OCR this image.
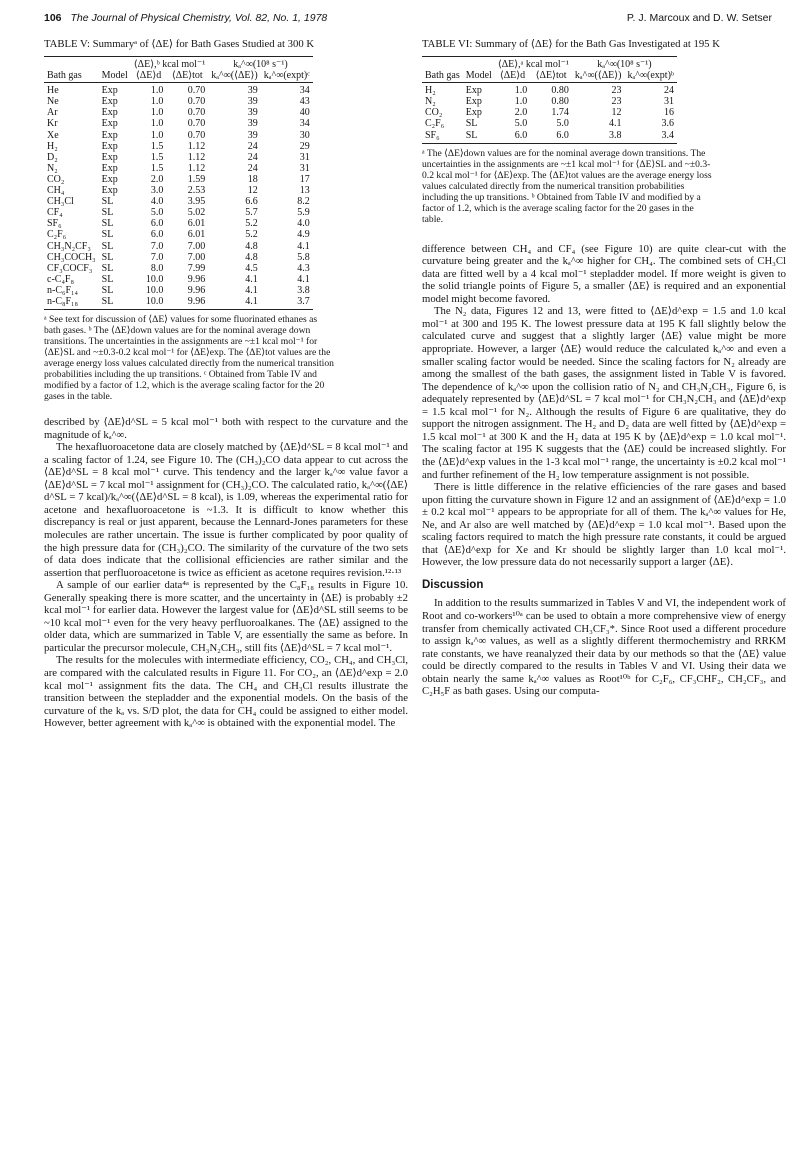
106 The Journal of Physical Chemistry, Vol. 82, No. 1, 1978	P. J. Marcoux and D. W. Setser
TABLE V: Summaryᵃ of ⟨ΔE⟩ for Bath Gases Studied at 300 K
		⟨ΔE⟩,ᵇ kcal mol⁻¹		kₐ^∞(10⁸ s⁻¹)	
Bath gas	Model	⟨ΔE⟩d	⟨ΔE⟩tot	kₐ^∞(⟨ΔE⟩)	kₐ^∞(expt)ᶜ
He	Exp	1.0	0.70	39	34
Ne	Exp	1.0	0.70	39	43
Ar	Exp	1.0	0.70	39	40
Kr	Exp	1.0	0.70	39	34
Xe	Exp	1.0	0.70	39	30
H₂	Exp	1.5	1.12	24	29
D₂	Exp	1.5	1.12	24	31
N₂	Exp	1.5	1.12	24	31
CO₂	Exp	2.0	1.59	18	17
CH₄	Exp	3.0	2.53	12	13
CH₃Cl	SL	4.0	3.95	6.6	8.2
CF₄	SL	5.0	5.02	5.7	5.9
SF₆	SL	6.0	6.01	5.2	4.0
C₂F₆	SL	6.0	6.01	5.2	4.9
CH₃N₂CF₃	SL	7.0	7.00	4.8	4.1
CH₃COCH₃	SL	7.0	7.00	4.8	5.8
CF₃COCF₃	SL	8.0	7.99	4.5	4.3
c-C₄F₈	SL	10.0	9.96	4.1	4.1
n-C₆F₁₄	SL	10.0	9.96	4.1	3.8
n-C₈F₁₈	SL	10.0	9.96	4.1	3.7
ᵃ See text for discussion of ⟨ΔE⟩ values for some fluorinated ethanes as bath gases. ᵇ The ⟨ΔE⟩down values are for the nominal average down transitions. The uncertainties in the assignments are ~±1 kcal mol⁻¹ for ⟨ΔE⟩SL and ~±0.3-0.2 kcal mol⁻¹ for ⟨ΔE⟩exp. The ⟨ΔE⟩tot values are the average energy loss values calculated directly from the numerical transition probabilities including the up transitions. ᶜ Obtained from Table IV and modified by a factor of 1.2, which is the average scaling factor for the 20 gases in the table.

described by ⟨ΔE⟩d^SL = 5 kcal mol⁻¹ both with respect to the curvature and the magnitude of kₐ^∞.

The hexafluoroacetone data are closely matched by ⟨ΔE⟩d^SL = 8 kcal mol⁻¹ and a scaling factor of 1.24, see Figure 10. The (CH₃)₂CO data appear to cut across the ⟨ΔE⟩d^SL = 8 kcal mol⁻¹ curve. This tendency and the larger kₐ^∞ value favor a ⟨ΔE⟩d^SL = 7 kcal mol⁻¹ assignment for (CH₃)₂CO. The calculated ratio, kₐ^∞(⟨ΔE⟩d^SL = 7 kcal)/kₐ^∞(⟨ΔE⟩d^SL = 8 kcal), is 1.09, whereas the experimental ratio for acetone and hexafluoroacetone is ~1.3. It is difficult to know whether this discrepancy is real or just apparent, because the Lennard-Jones parameters for these molecules are rather uncertain. The issue is further complicated by poor quality of the high pressure data for (CH₃)₂CO. The similarity of the curvature of the two sets of data does indicate that the collisional efficiencies are rather similar and the assertion that perfluoroacetone is twice as efficient as acetone requires revision.¹²·¹³

A sample of our earlier data⁴ᵃ is represented by the C₈F₁₈ results in Figure 10. Generally speaking there is more scatter, and the uncertainty in ⟨ΔE⟩ is probably ±2 kcal mol⁻¹ for earlier data. However the largest value for ⟨ΔE⟩d^SL still seems to be ~10 kcal mol⁻¹ even for the very heavy perfluoroalkanes. The ⟨ΔE⟩ assigned to the older data, which are summarized in Table V, are essentially the same as before. In particular the precursor molecule, CH₃N₂CH₃, still fits ⟨ΔE⟩d^SL = 7 kcal mol⁻¹.

The results for the molecules with intermediate efficiency, CO₂, CH₄, and CH₃Cl, are compared with the calculated results in Figure 11. For CO₂, an ⟨ΔE⟩d^exp = 2.0 kcal mol⁻¹ assignment fits the data. The CH₄ and CH₃Cl results illustrate the transition between the stepladder and the exponential models. On the basis of the curvature of the kₐ vs. S/D plot, the data for CH₄ could be assigned to either model. However, better agreement with kₐ^∞ is obtained with the exponential model. The

TABLE VI: Summary of ⟨ΔE⟩ for the Bath Gas Investigated at 195 K
		⟨ΔE⟩,ᵃ kcal mol⁻¹		kₐ^∞(10⁸ s⁻¹)	
Bath gas	Model	⟨ΔE⟩d	⟨ΔE⟩tot	kₐ^∞(⟨ΔE⟩)	kₐ^∞(expt)ᵇ
H₂	Exp	1.0	0.80	23	24
N₂	Exp	1.0	0.80	23	31
CO₂	Exp	2.0	1.74	12	16
C₂F₆	SL	5.0	5.0	4.1	3.6
SF₆	SL	6.0	6.0	3.8	3.4
ᵃ The ⟨ΔE⟩down values are for the nominal average down transitions. The uncertainties in the assignments are ~±1 kcal mol⁻¹ for ⟨ΔE⟩SL and ~±0.3-0.2 kcal mol⁻¹ for ⟨ΔE⟩exp. The ⟨ΔE⟩tot values are the average energy loss values calculated directly from the numerical transition probabilities including the up transitions. ᵇ Obtained from Table IV and modified by a factor of 1.2, which is the average scaling factor for the 20 gases in the table.

difference between CH₄ and CF₄ (see Figure 10) are quite clear-cut with the curvature being greater and the kₐ^∞ higher for CH₄. The combined sets of CH₃Cl data are fitted well by a 4 kcal mol⁻¹ stepladder model. If more weight is given to the solid triangle points of Figure 5, a smaller ⟨ΔE⟩ is required and an exponential model might become favored.

The N₂ data, Figures 12 and 13, were fitted to ⟨ΔE⟩d^exp = 1.5 and 1.0 kcal mol⁻¹ at 300 and 195 K. The lowest pressure data at 195 K fall slightly below the calculated curve and suggest that a slightly larger ⟨ΔE⟩ value might be more appropriate. However, a larger ⟨ΔE⟩ would reduce the calculated kₐ^∞ and even a smaller scaling factor would be needed. Since the scaling factors for N₂ already are among the smallest of the bath gases, the assignment listed in Table V is favored. The dependence of kₐ^∞ upon the collision ratio of N₂ and CH₃N₂CH₃, Figure 6, is adequately represented by ⟨ΔE⟩d^SL = 7 kcal mol⁻¹ for CH₃N₂CH₃ and ⟨ΔE⟩d^exp = 1.5 kcal mol⁻¹ for N₂. Although the results of Figure 6 are qualitative, they do support the nitrogen assignment. The H₂ and D₂ data are well fitted by ⟨ΔE⟩d^exp = 1.5 kcal mol⁻¹ at 300 K and the H₂ data at 195 K by ⟨ΔE⟩d^exp = 1.0 kcal mol⁻¹. The scaling factor at 195 K suggests that the ⟨ΔE⟩ could be increased slightly. For the ⟨ΔE⟩d^exp values in the 1-3 kcal mol⁻¹ range, the uncertainty is ±0.2 kcal mol⁻¹ and further refinement of the H₂ low temperature assignment is not possible.

There is little difference in the relative efficiencies of the rare gases and based upon fitting the curvature shown in Figure 12 and an assignment of ⟨ΔE⟩d^exp = 1.0 ± 0.2 kcal mol⁻¹ appears to be appropriate for all of them. The kₐ^∞ values for He, Ne, and Ar also are well matched by ⟨ΔE⟩d^exp = 1.0 kcal mol⁻¹. Based upon the scaling factors required to match the high pressure rate constants, it could be argued that ⟨ΔE⟩d^exp for Xe and Kr should be slightly larger than 1.0 kcal mol⁻¹. However, the low pressure data do not necessarily support a larger ⟨ΔE⟩.

Discussion

In addition to the results summarized in Tables V and VI, the independent work of Root and co-workers¹⁰ᵃ can be used to obtain a more comprehensive view of energy transfer from chemically activated CH₃CF₃*. Since Root used a different procedure to assign kₐ^∞ values, as well as a slightly different thermochemistry and RRKM rate constants, we have reanalyzed their data by our methods so that the ⟨ΔE⟩ value could be directly compared to the results in Tables V and VI. Using their data we obtain nearly the same kₐ^∞ values as Root¹⁰ᵇ for C₂F₆, CF₃CHF₂, CH₂CF₃, and C₂H₅F as bath gases. Using our computa-
